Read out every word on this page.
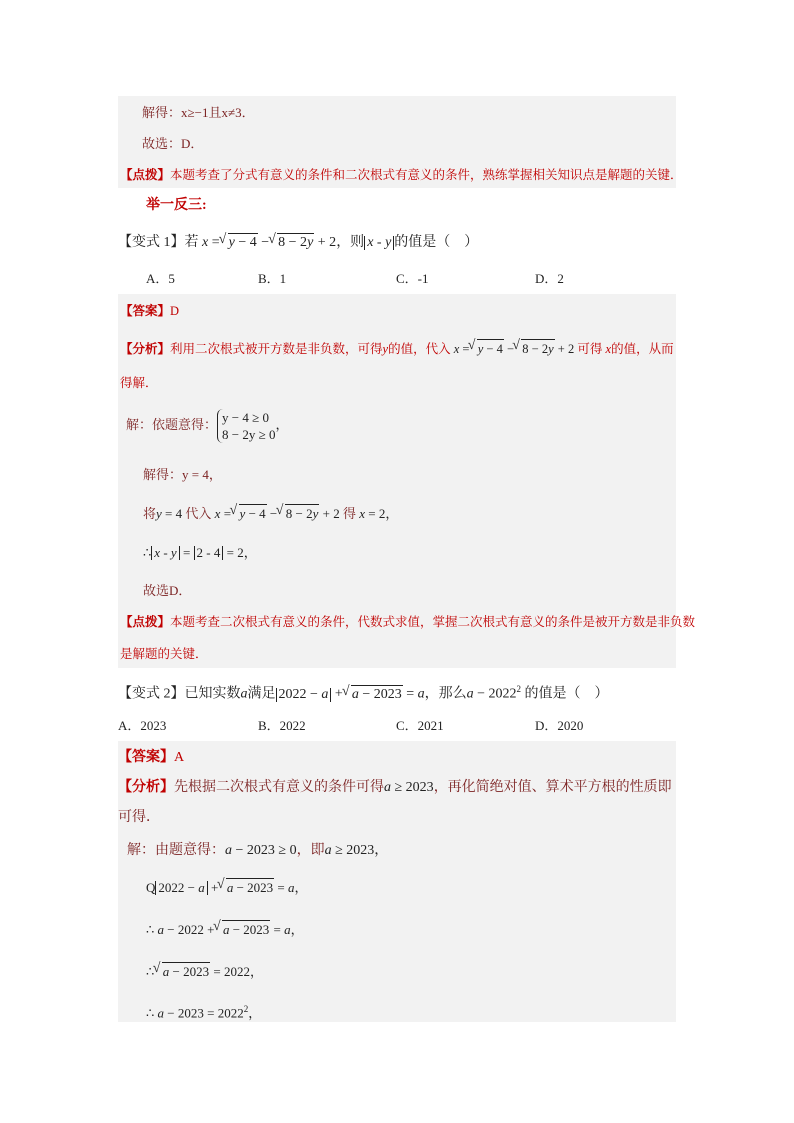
解得：x≥−1且x≠3．
故选：D．
【点拨】本题考查了分式有意义的条件和二次根式有意义的条件，熟练掌握相关知识点是解题的关键．
举一反三:
【变式 1】若 x =  √ y − 4 −  √ 8 − 2y + 2，则 x - y 的值是（　）
A．5	B．1	C．-1	D．2
【答案】D
【分析】利用二次根式被开方数是非负数，可得y的值，代入 x =  √ y − 4 −  √ 8 − 2y + 2 可得 x的值，从而
得解．
解：依题意得： y − 4 ≥ 0
8 − 2y ≥ 0
，
解得：y = 4，
将y = 4 代入 x =  √ y − 4 −  √ 8 − 2y + 2 得 x = 2，
∴ x - y = 2 - 4 = 2，
故选D．
【点拨】本题考查二次根式有意义的条件，代数式求值，掌握二次根式有意义的条件是被开方数是非负数
是解题的关键．
【变式 2】已知实数a满足 2022 − a +  √ a − 2023 = a，那么$a - 2022^2$ 的值是（　）
A．2023	B．2022	C．2021	D．2020
【答案】A
【分析】先根据二次根式有意义的条件可得a ≥ 2023，再化简绝对值、算术平方根的性质即
可得．
解：由题意得：a − 2023 ≥ 0，即a ≥ 2023，
Q 2022 − a +  √ a − 2023 = a，
∴ a − 2022 +  √ a − 2023 = a，
∴  √ a − 2023 = 2022，
∴ $a - 2023 = 2022^2$，
